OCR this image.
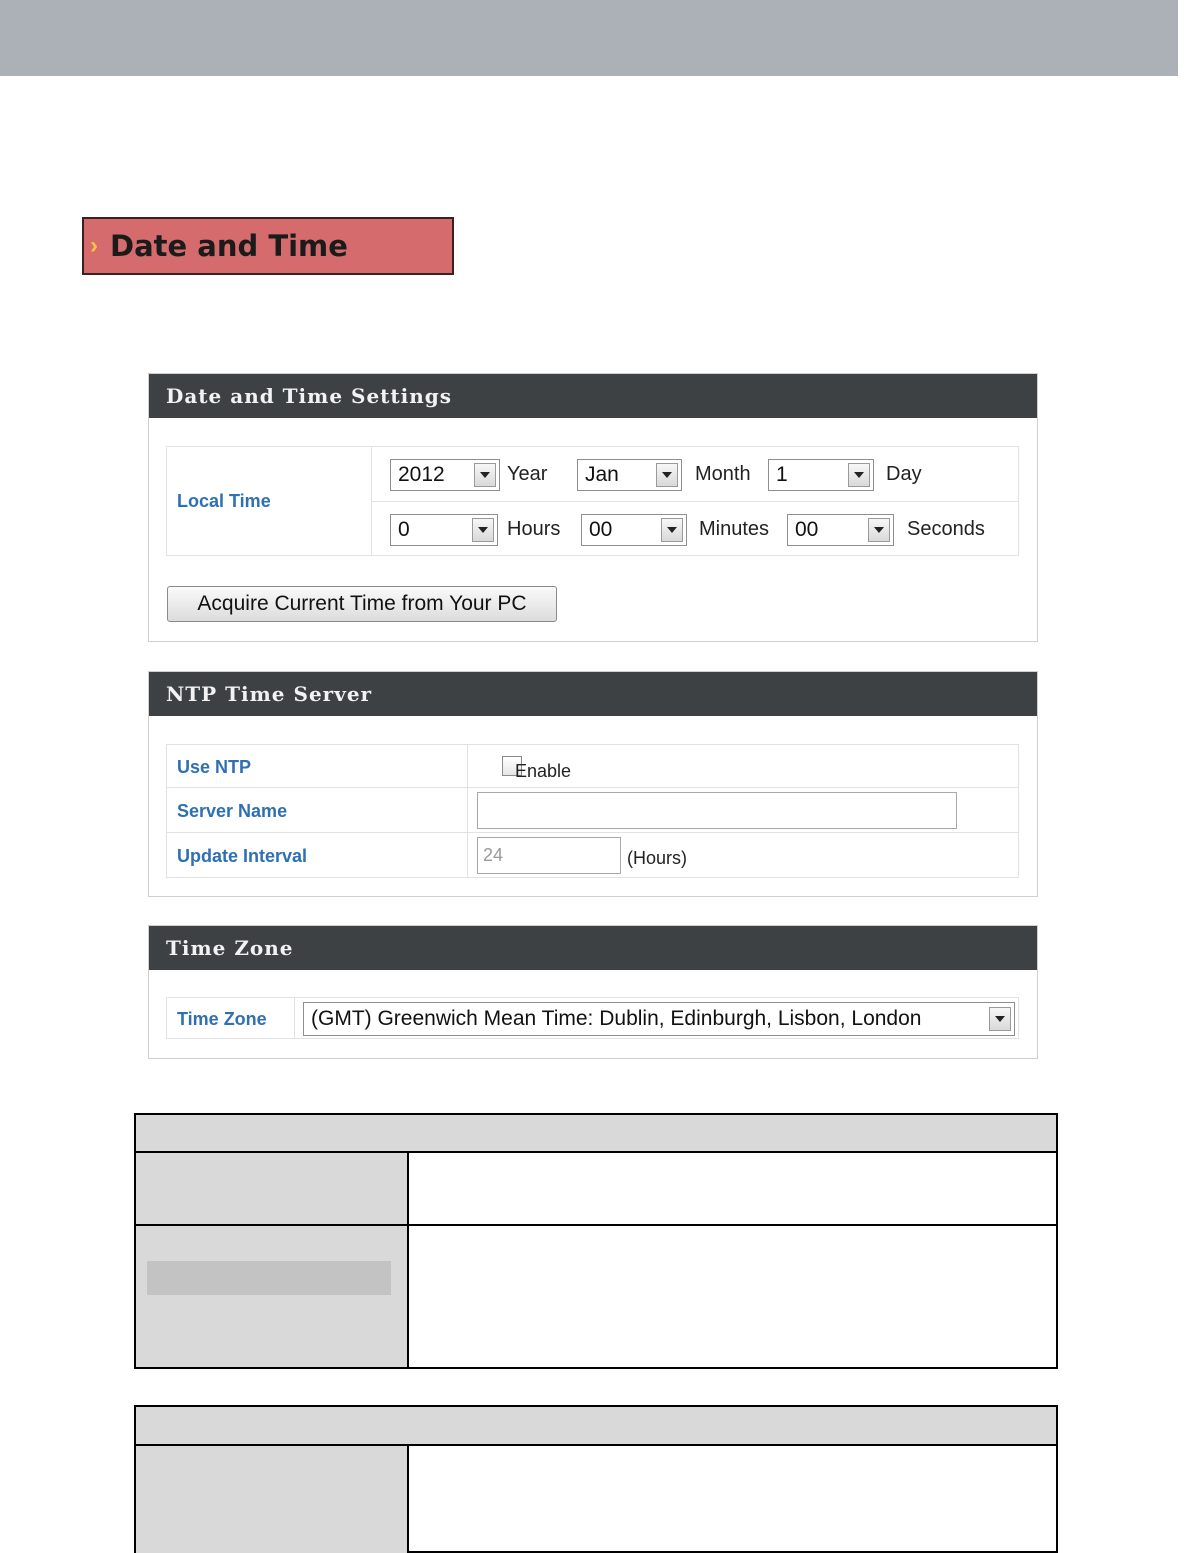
› Date and Time
Date and Time Settings
Local Time
2012	Year Jan	Month 1	Day
0	Hours 00	Minutes 00	Seconds
Acquire Current Time from Your PC
NTP Time Server
Use NTP	Enable
Server Name
Update Interval	24	(Hours)
Time Zone
Time Zone (GMT) Greenwich Mean Time: Dublin, Edinburgh, Lisbon, London
